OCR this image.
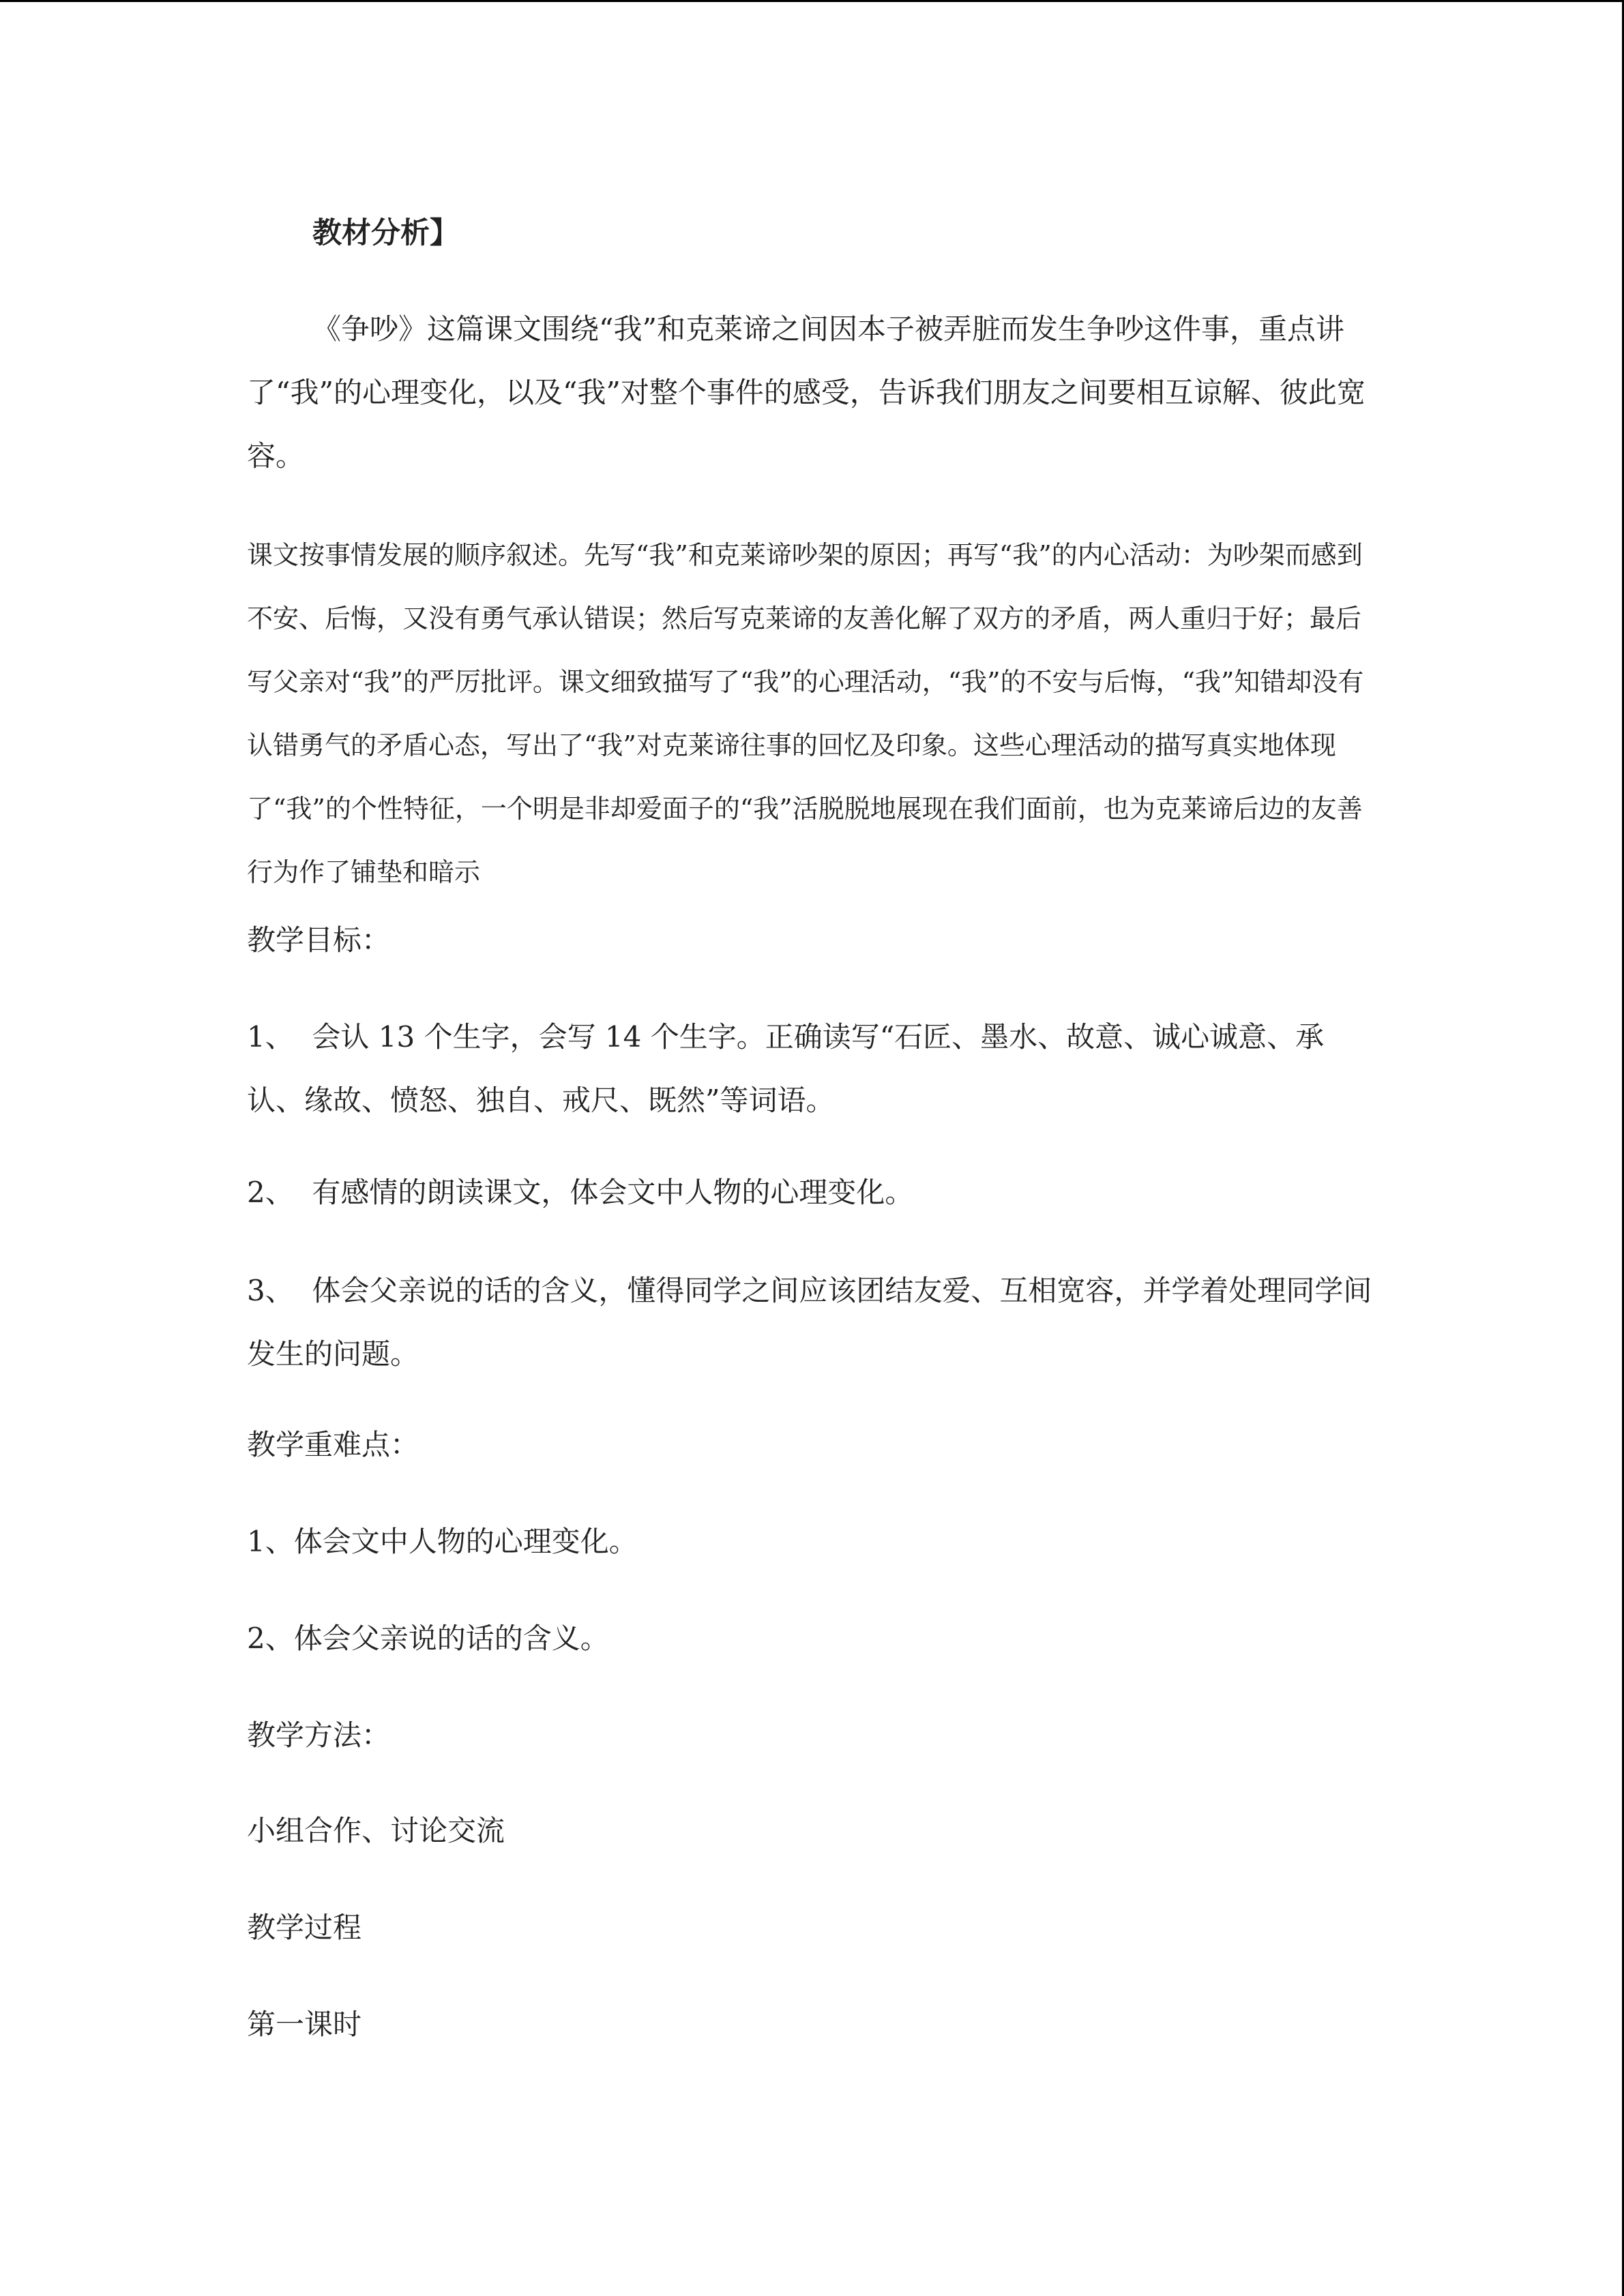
教材分析】

《争吵》这篇课文围绕“我”和克莱谛之间因本子被弄脏而发生争吵这件事，重点讲了“我”的心理变化，以及“我”对整个事件的感受，告诉我们朋友之间要相互谅解、彼此宽容。

课文按事情发展的顺序叙述。先写“我”和克莱谛吵架的原因；再写“我”的内心活动：为吵架而感到不安、后悔，又没有勇气承认错误；然后写克莱谛的友善化解了双方的矛盾，两人重归于好；最后写父亲对“我”的严厉批评。课文细致描写了“我”的心理活动，“我”的不安与后悔，“我”知错却没有认错勇气的矛盾心态，写出了“我”对克莱谛往事的回忆及印象。这些心理活动的描写真实地体现了“我”的个性特征，一个明是非却爱面子的“我”活脱脱地展现在我们面前，也为克莱谛后边的友善行为作了铺垫和暗示

教学目标：

1、  会认 13 个生字，会写 14 个生字。正确读写“石匠、墨水、故意、诚心诚意、承认、缘故、愤怒、独自、戒尺、既然”等词语。

2、  有感情的朗读课文，体会文中人物的心理变化。

3、  体会父亲说的话的含义，懂得同学之间应该团结友爱、互相宽容，并学着处理同学间发生的问题。

教学重难点：

1、体会文中人物的心理变化。

2、体会父亲说的话的含义。

教学方法：

小组合作、讨论交流

教学过程

第一课时
